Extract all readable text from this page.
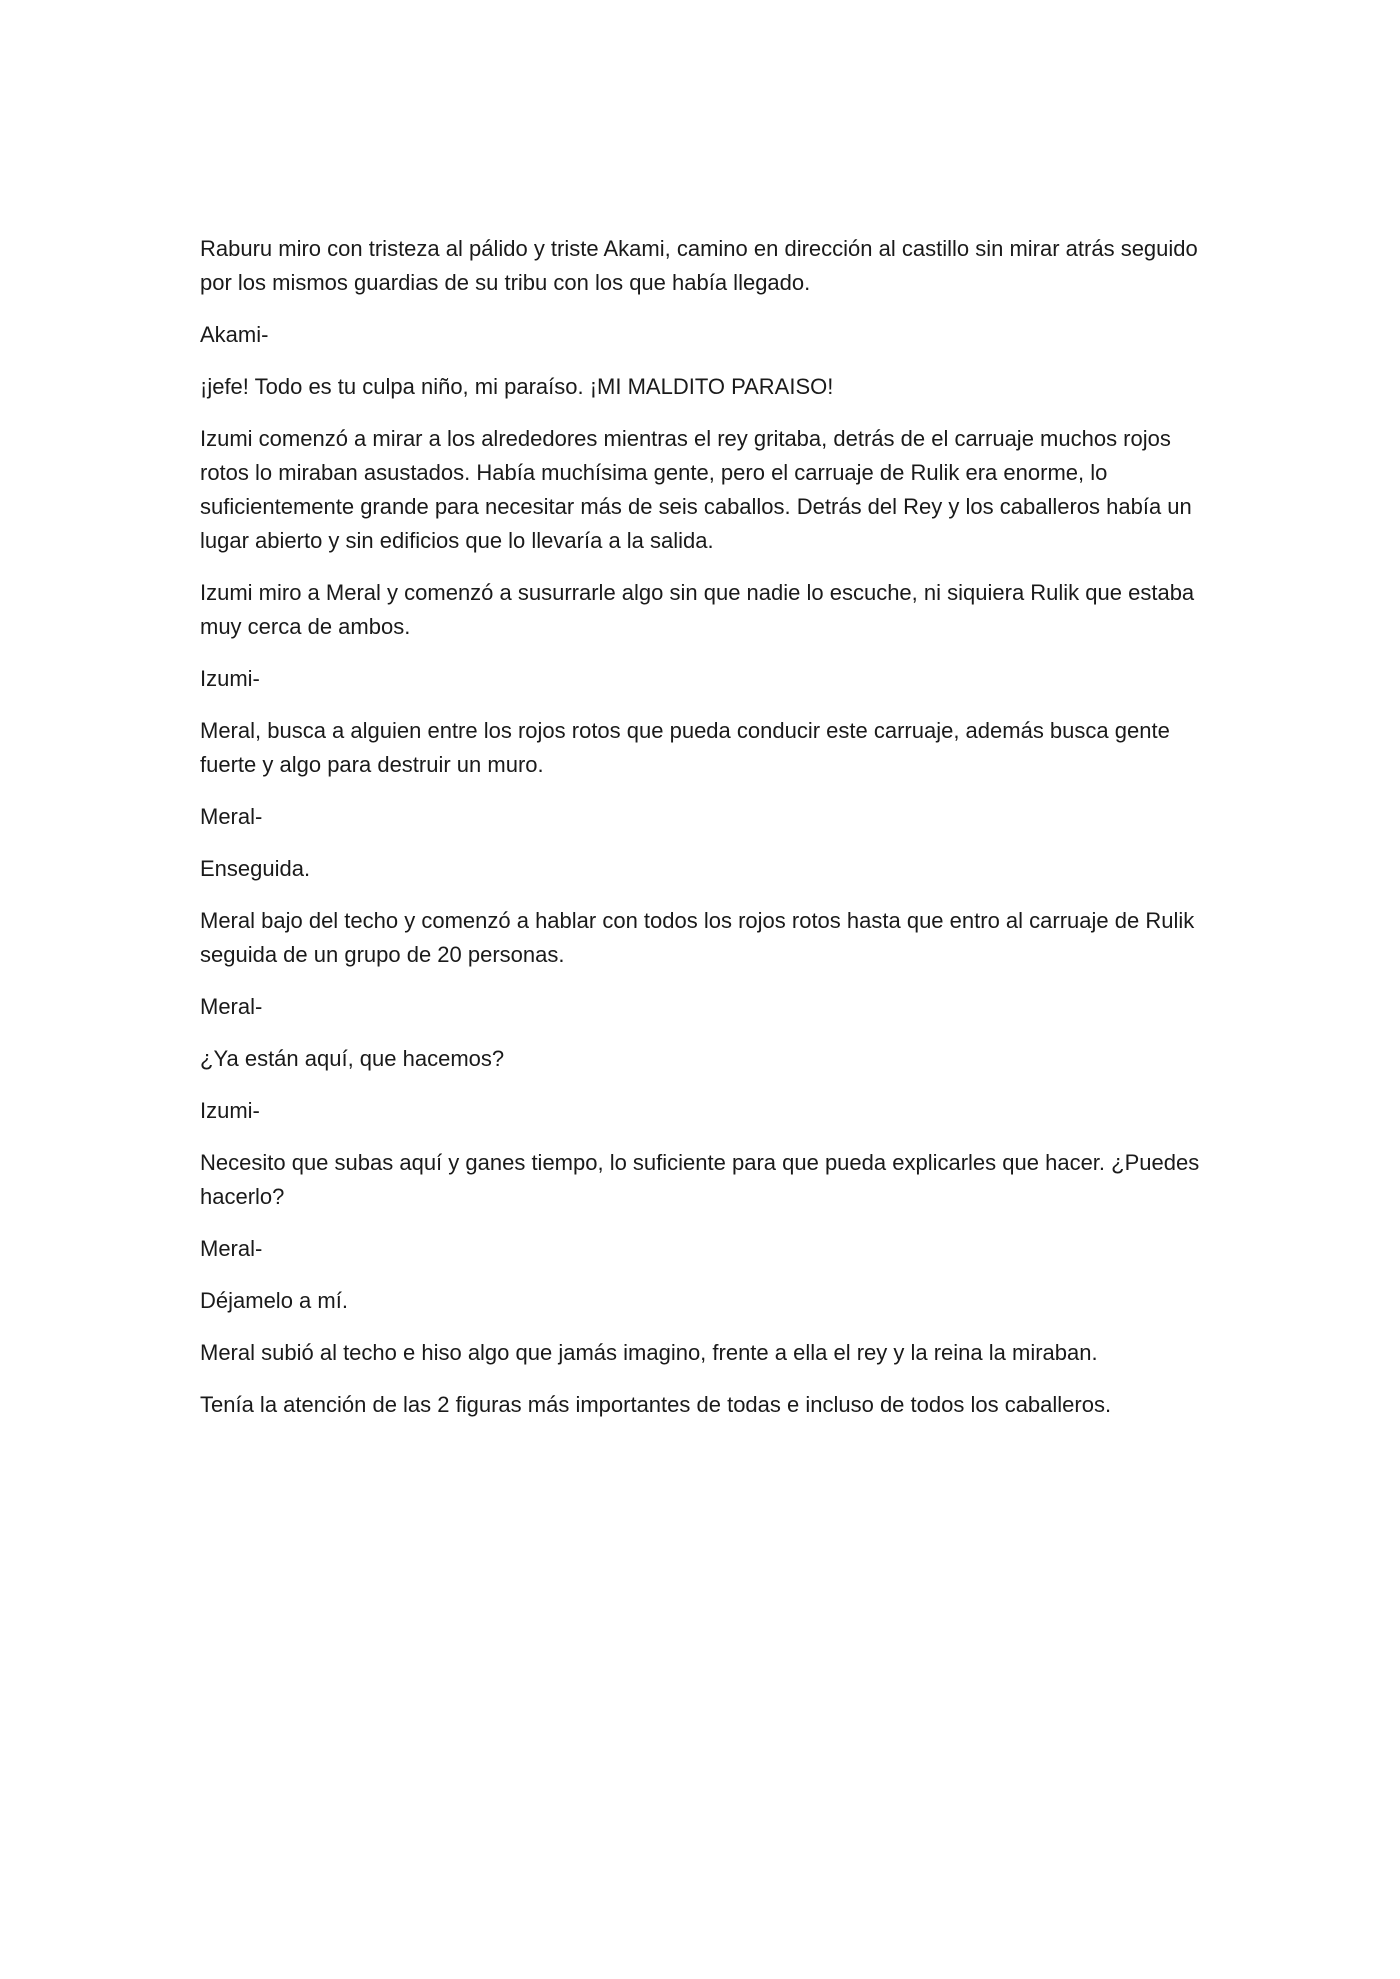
Raburu miro con tristeza al pálido y triste Akami, camino en dirección al castillo sin mirar atrás seguido por los mismos guardias de su tribu con los que había llegado.

Akami-

¡jefe! Todo es tu culpa niño, mi paraíso. ¡MI MALDITO PARAISO!

Izumi comenzó a mirar a los alrededores mientras el rey gritaba, detrás de el carruaje muchos rojos rotos lo miraban asustados. Había muchísima gente, pero el carruaje de Rulik era enorme, lo suficientemente grande para necesitar más de seis caballos. Detrás del Rey y los caballeros había un lugar abierto y sin edificios que lo llevaría a la salida.

Izumi miro a Meral y comenzó a susurrarle algo sin que nadie lo escuche, ni siquiera Rulik que estaba muy cerca de ambos.

Izumi-

Meral, busca a alguien entre los rojos rotos que pueda conducir este carruaje, además busca gente fuerte y algo para destruir un muro.

Meral-

Enseguida.

Meral bajo del techo y comenzó a hablar con todos los rojos rotos hasta que entro al carruaje de Rulik seguida de un grupo de 20 personas.

Meral-

¿Ya están aquí, que hacemos?

Izumi-

Necesito que subas aquí y ganes tiempo, lo suficiente para que pueda explicarles que hacer. ¿Puedes hacerlo?

Meral-

Déjamelo a mí.

Meral subió al techo e hiso algo que jamás imagino, frente a ella el rey y la reina la miraban.

Tenía la atención de las 2 figuras más importantes de todas e incluso de todos los caballeros.
